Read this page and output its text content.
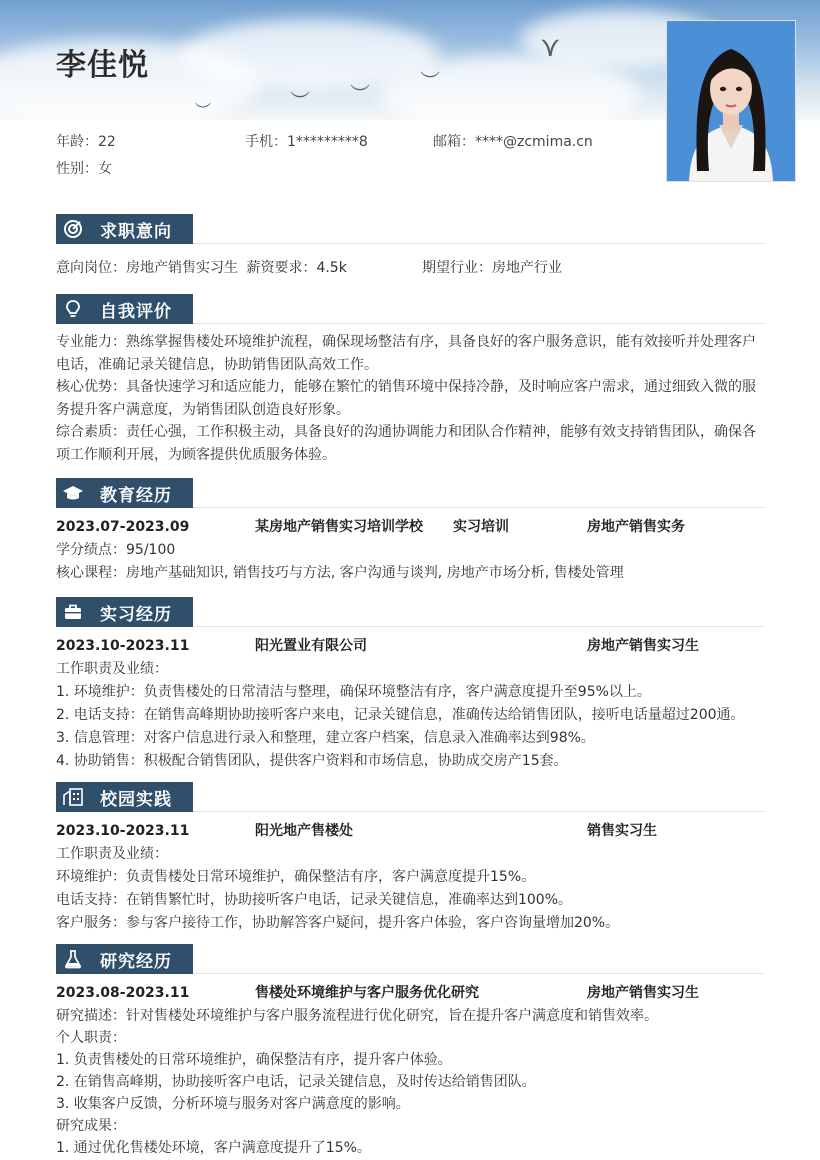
⋎
︶
︶
︶
︶
李佳悦
年龄：22	手机：1*********8	邮箱：****@zcmima.cn
性别：女
求职意向
意向岗位：房地产销售实习生 薪资要求：4.5k	期望行业：房地产行业
自我评价
专业能力：熟练掌握售楼处环境维护流程，确保现场整洁有序，具备良好的客户服务意识，能有效接听并处理客户电话，准确记录关键信息，协助销售团队高效工作。
核心优势：具备快速学习和适应能力，能够在繁忙的销售环境中保持冷静，及时响应客户需求，通过细致入微的服务提升客户满意度，为销售团队创造良好形象。
综合素质：责任心强，工作积极主动，具备良好的沟通协调能力和团队合作精神，能够有效支持销售团队，确保各项工作顺利开展，为顾客提供优质服务体验。
教育经历
2023.07-2023.09	某房地产销售实习培训学校 实习培训	房地产销售实务
学分绩点：95/100
核心课程：房地产基础知识, 销售技巧与方法, 客户沟通与谈判, 房地产市场分析, 售楼处管理
实习经历
2023.10-2023.11	阳光置业有限公司	房地产销售实习生
工作职责及业绩：
1. 环境维护：负责售楼处的日常清洁与整理，确保环境整洁有序，客户满意度提升至95%以上。
2. 电话支持：在销售高峰期协助接听客户来电，记录关键信息，准确传达给销售团队，接听电话量超过200通。
3. 信息管理：对客户信息进行录入和整理，建立客户档案，信息录入准确率达到98%。
4. 协助销售：积极配合销售团队，提供客户资料和市场信息，协助成交房产15套。
校园实践
2023.10-2023.11	阳光地产售楼处	销售实习生
工作职责及业绩：
环境维护：负责售楼处日常环境维护，确保整洁有序，客户满意度提升15%。
电话支持：在销售繁忙时，协助接听客户电话，记录关键信息，准确率达到100%。
客户服务：参与客户接待工作，协助解答客户疑问，提升客户体验，客户咨询量增加20%。
研究经历
2023.08-2023.11	售楼处环境维护与客户服务优化研究	房地产销售实习生
研究描述：针对售楼处环境维护与客户服务流程进行优化研究，旨在提升客户满意度和销售效率。
个人职责：
1. 负责售楼处的日常环境维护，确保整洁有序，提升客户体验。
2. 在销售高峰期，协助接听客户电话，记录关键信息，及时传达给销售团队。
3. 收集客户反馈，分析环境与服务对客户满意度的影响。
研究成果：
1. 通过优化售楼处环境，客户满意度提升了15%。
